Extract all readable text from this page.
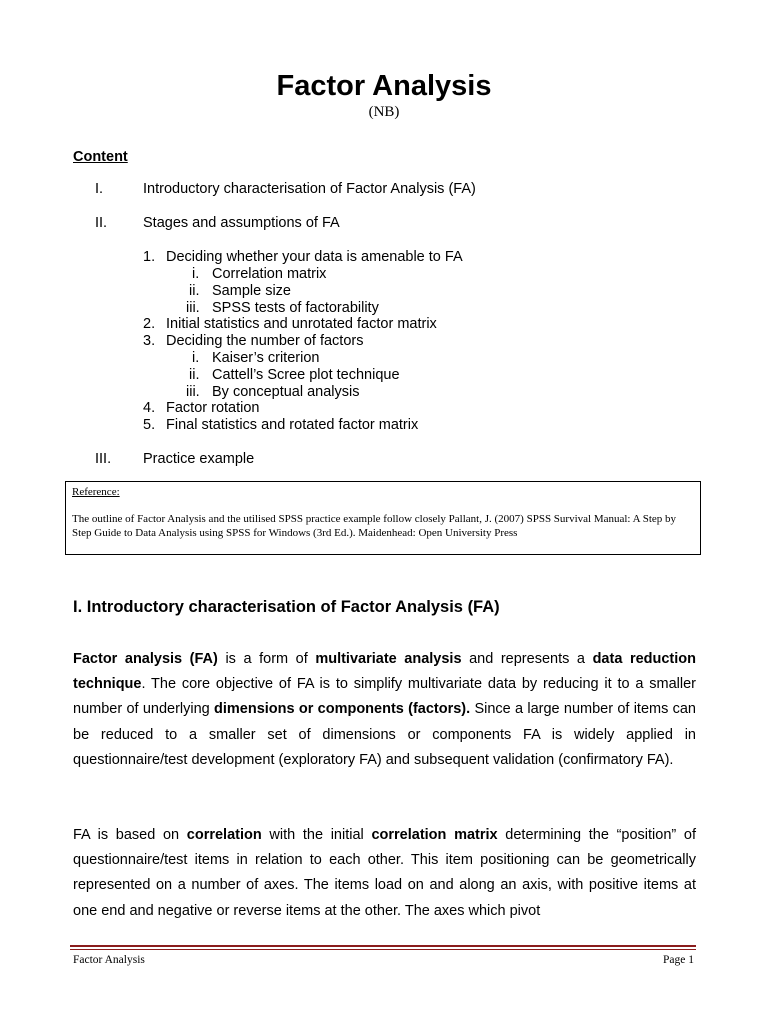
Factor Analysis
(NB)
Content
I.	Introductory characterisation of Factor Analysis (FA)
II. Stages and assumptions of FA
1. Deciding whether your data is amenable to FA
i. Correlation matrix
ii. Sample size
iii. SPSS tests of factorability
2. Initial statistics and unrotated factor matrix
3. Deciding the number of factors
i. Kaiser’s criterion
ii. Cattell’s Scree plot technique
iii. By conceptual analysis
4. Factor rotation
5. Final statistics and rotated factor matrix
III. Practice example
Reference:
The outline of Factor Analysis and the utilised SPSS practice example follow closely Pallant, J. (2007) SPSS Survival Manual: A Step by Step Guide to Data Analysis using SPSS for Windows (3rd Ed.). Maidenhead: Open University Press
I. Introductory characterisation of Factor Analysis (FA)
Factor analysis (FA) is a form of multivariate analysis and represents a data reduction technique. The core objective of FA is to simplify multivariate data by reducing it to a smaller number of underlying dimensions or components (factors). Since a large number of items can be reduced to a smaller set of dimensions or components FA is widely applied in questionnaire/test development (exploratory FA) and subsequent validation (confirmatory FA).
FA is based on correlation with the initial correlation matrix determining the “position” of questionnaire/test items in relation to each other. This item positioning can be geometrically represented on a number of axes. The items load on and along an axis, with positive items at one end and negative or reverse items at the other. The axes which pivot
Factor Analysis	Page 1
